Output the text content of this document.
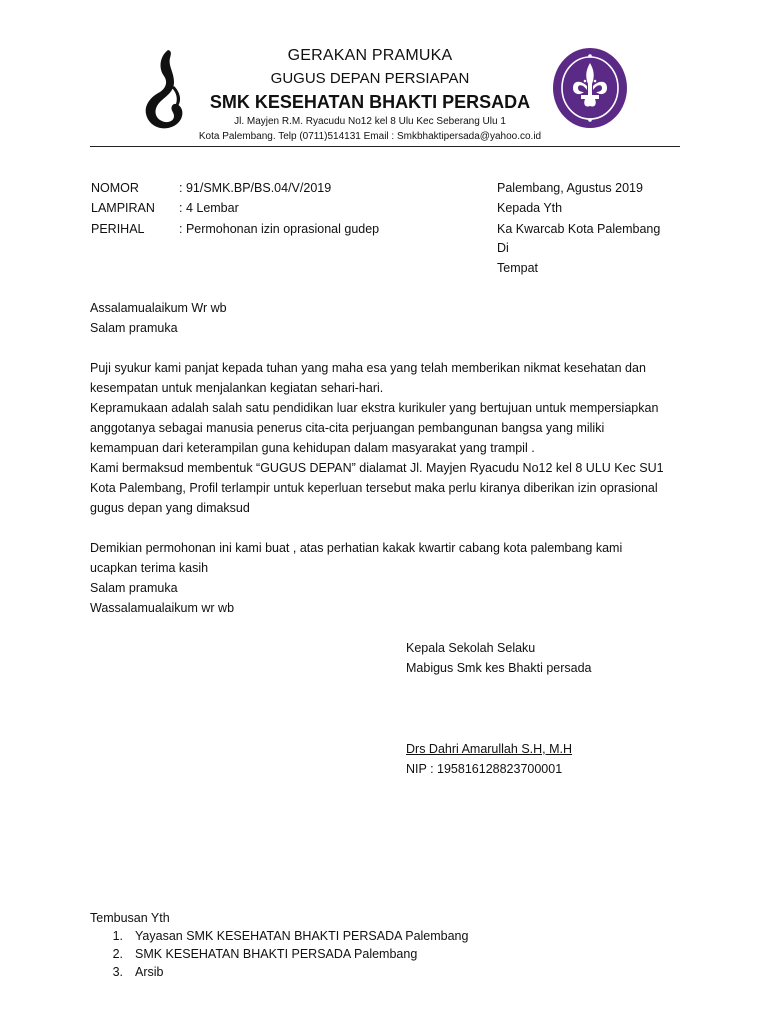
GERAKAN PRAMUKA
GUGUS DEPAN PERSIAPAN
SMK KESEHATAN BHAKTI PERSADA
Jl. Mayjen R.M. Ryacudu No12 kel 8 Ulu Kec Seberang Ulu 1
Kota Palembang. Telp (0711)514131 Email : Smkbhaktipersada@yahoo.co.id
NOMOR	: 91/SMK.BP/BS.04/V/2019
LAMPIRAN : 4 Lembar
PERIHAL	: Permohonan izin oprasional gudep
Palembang, Agustus 2019
Kepada Yth
Ka Kwarcab Kota Palembang
Di
Tempat
Assalamualaikum Wr wb
Salam pramuka
Puji syukur kami panjat kepada tuhan yang maha esa yang telah memberikan nikmat kesehatan dan
kesempatan untuk menjalankan kegiatan sehari-hari.
Kepramukaan adalah salah satu pendidikan luar ekstra kurikuler yang bertujuan untuk mempersiapkan
anggotanya sebagai manusia penerus cita-cita perjuangan pembangunan bangsa yang miliki
kemampuan dari keterampilan guna kehidupan dalam masyarakat yang trampil .
Kami bermaksud membentuk “GUGUS DEPAN” dialamat Jl. Mayjen Ryacudu No12 kel 8 ULU Kec SU1
Kota Palembang, Profil terlampir untuk keperluan tersebut maka perlu kiranya diberikan izin oprasional
gugus depan yang dimaksud
Demikian permohonan ini kami buat , atas perhatian kakak kwartir cabang kota palembang kami
ucapkan terima kasih
Salam pramuka
Wassalamualaikum wr wb
Kepala Sekolah Selaku
Mabigus Smk kes Bhakti persada
Drs Dahri Amarullah S.H, M.H
NIP : 195816128823700001
Tembusan Yth
1. Yayasan SMK KESEHATAN BHAKTI PERSADA Palembang
2. SMK KESEHATAN BHAKTI PERSADA Palembang
3. Arsib
